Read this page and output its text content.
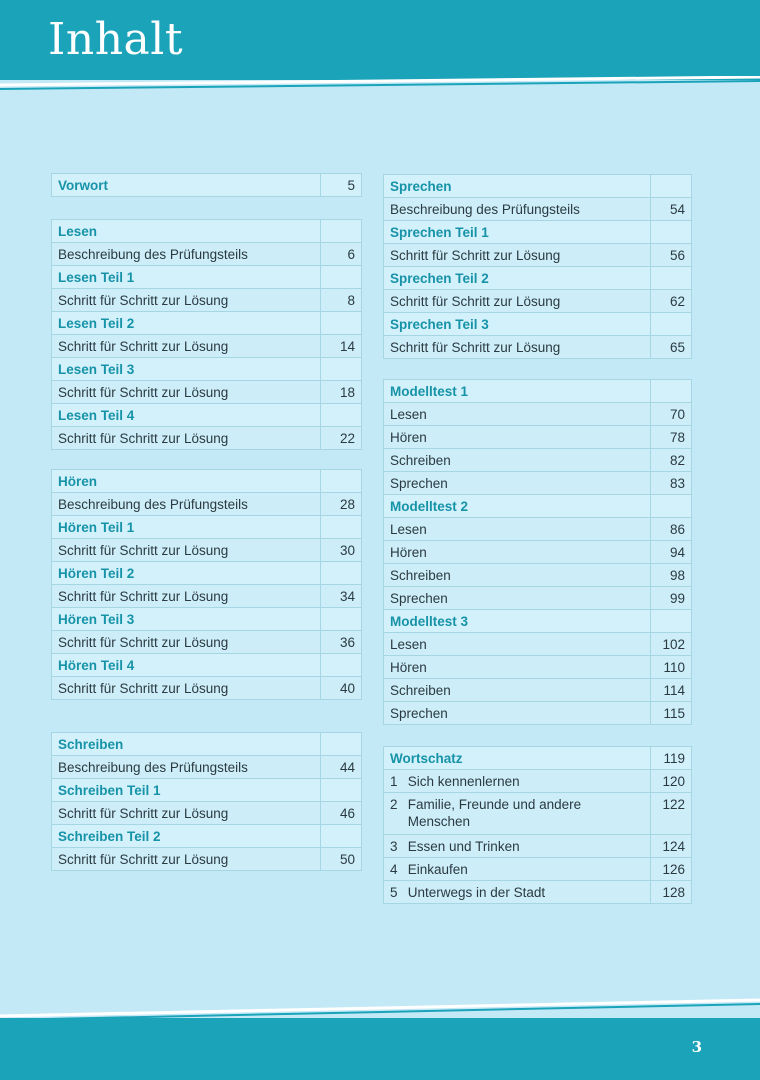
Inhalt
Vorwort	5
Lesen	
Beschreibung des Prüfungsteils	6
Lesen Teil 1	
Schritt für Schritt zur Lösung	8
Lesen Teil 2	
Schritt für Schritt zur Lösung	14
Lesen Teil 3	
Schritt für Schritt zur Lösung	18
Lesen Teil 4	
Schritt für Schritt zur Lösung	22
Hören	
Beschreibung des Prüfungsteils	28
Hören Teil 1	
Schritt für Schritt zur Lösung	30
Hören Teil 2	
Schritt für Schritt zur Lösung	34
Hören Teil 3	
Schritt für Schritt zur Lösung	36
Hören Teil 4	
Schritt für Schritt zur Lösung	40
Schreiben	
Beschreibung des Prüfungsteils	44
Schreiben Teil 1	
Schritt für Schritt zur Lösung	46
Schreiben Teil 2	
Schritt für Schritt zur Lösung	50
Sprechen	
Beschreibung des Prüfungsteils	54
Sprechen Teil 1	
Schritt für Schritt zur Lösung	56
Sprechen Teil 2	
Schritt für Schritt zur Lösung	62
Sprechen Teil 3	
Schritt für Schritt zur Lösung	65
Modelltest 1	
Lesen	70
Hören	78
Schreiben	82
Sprechen	83
Modelltest 2	
Lesen	86
Hören	94
Schreiben	98
Sprechen	99
Modelltest 3	
Lesen	102
Hören	110
Schreiben	114
Sprechen	115
Wortschatz	119
1 Sich kennenlernen	120
2 Familie, Freunde und andere Menschen	122
3 Essen und Trinken	124
4 Einkaufen	126
5 Unterwegs in der Stadt	128
3
